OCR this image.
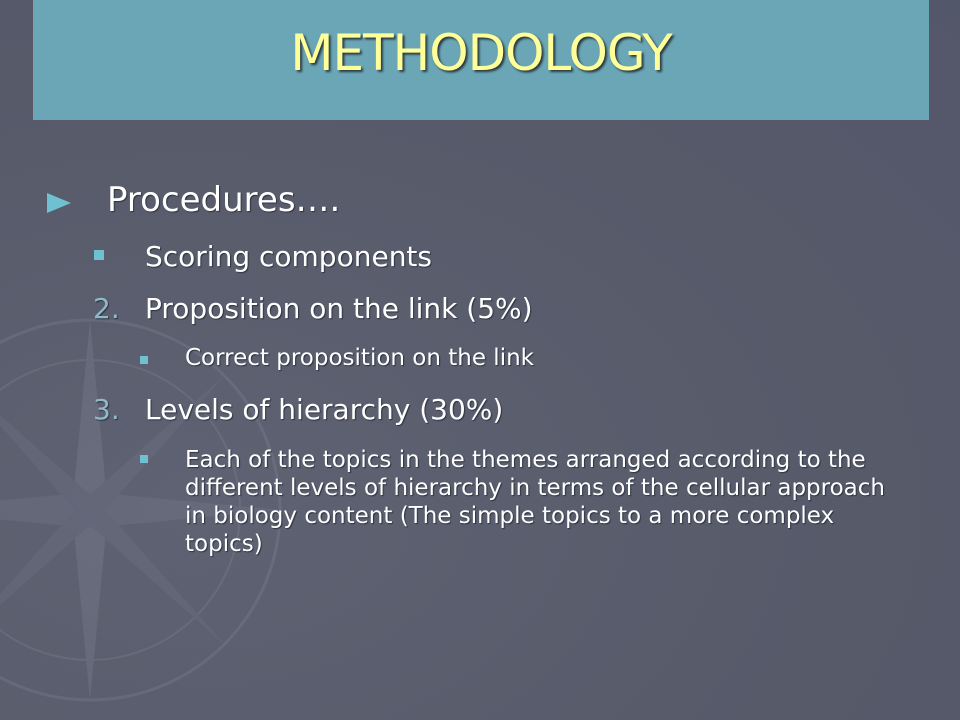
METHODOLOGY
Procedures….
Scoring components
2. Proposition on the link (5%)
Correct proposition on the link
3. Levels of hierarchy (30%)
Each of the topics in the themes arranged according to the different levels of hierarchy in terms of the cellular approach in biology content (The simple topics to a more complex topics)
